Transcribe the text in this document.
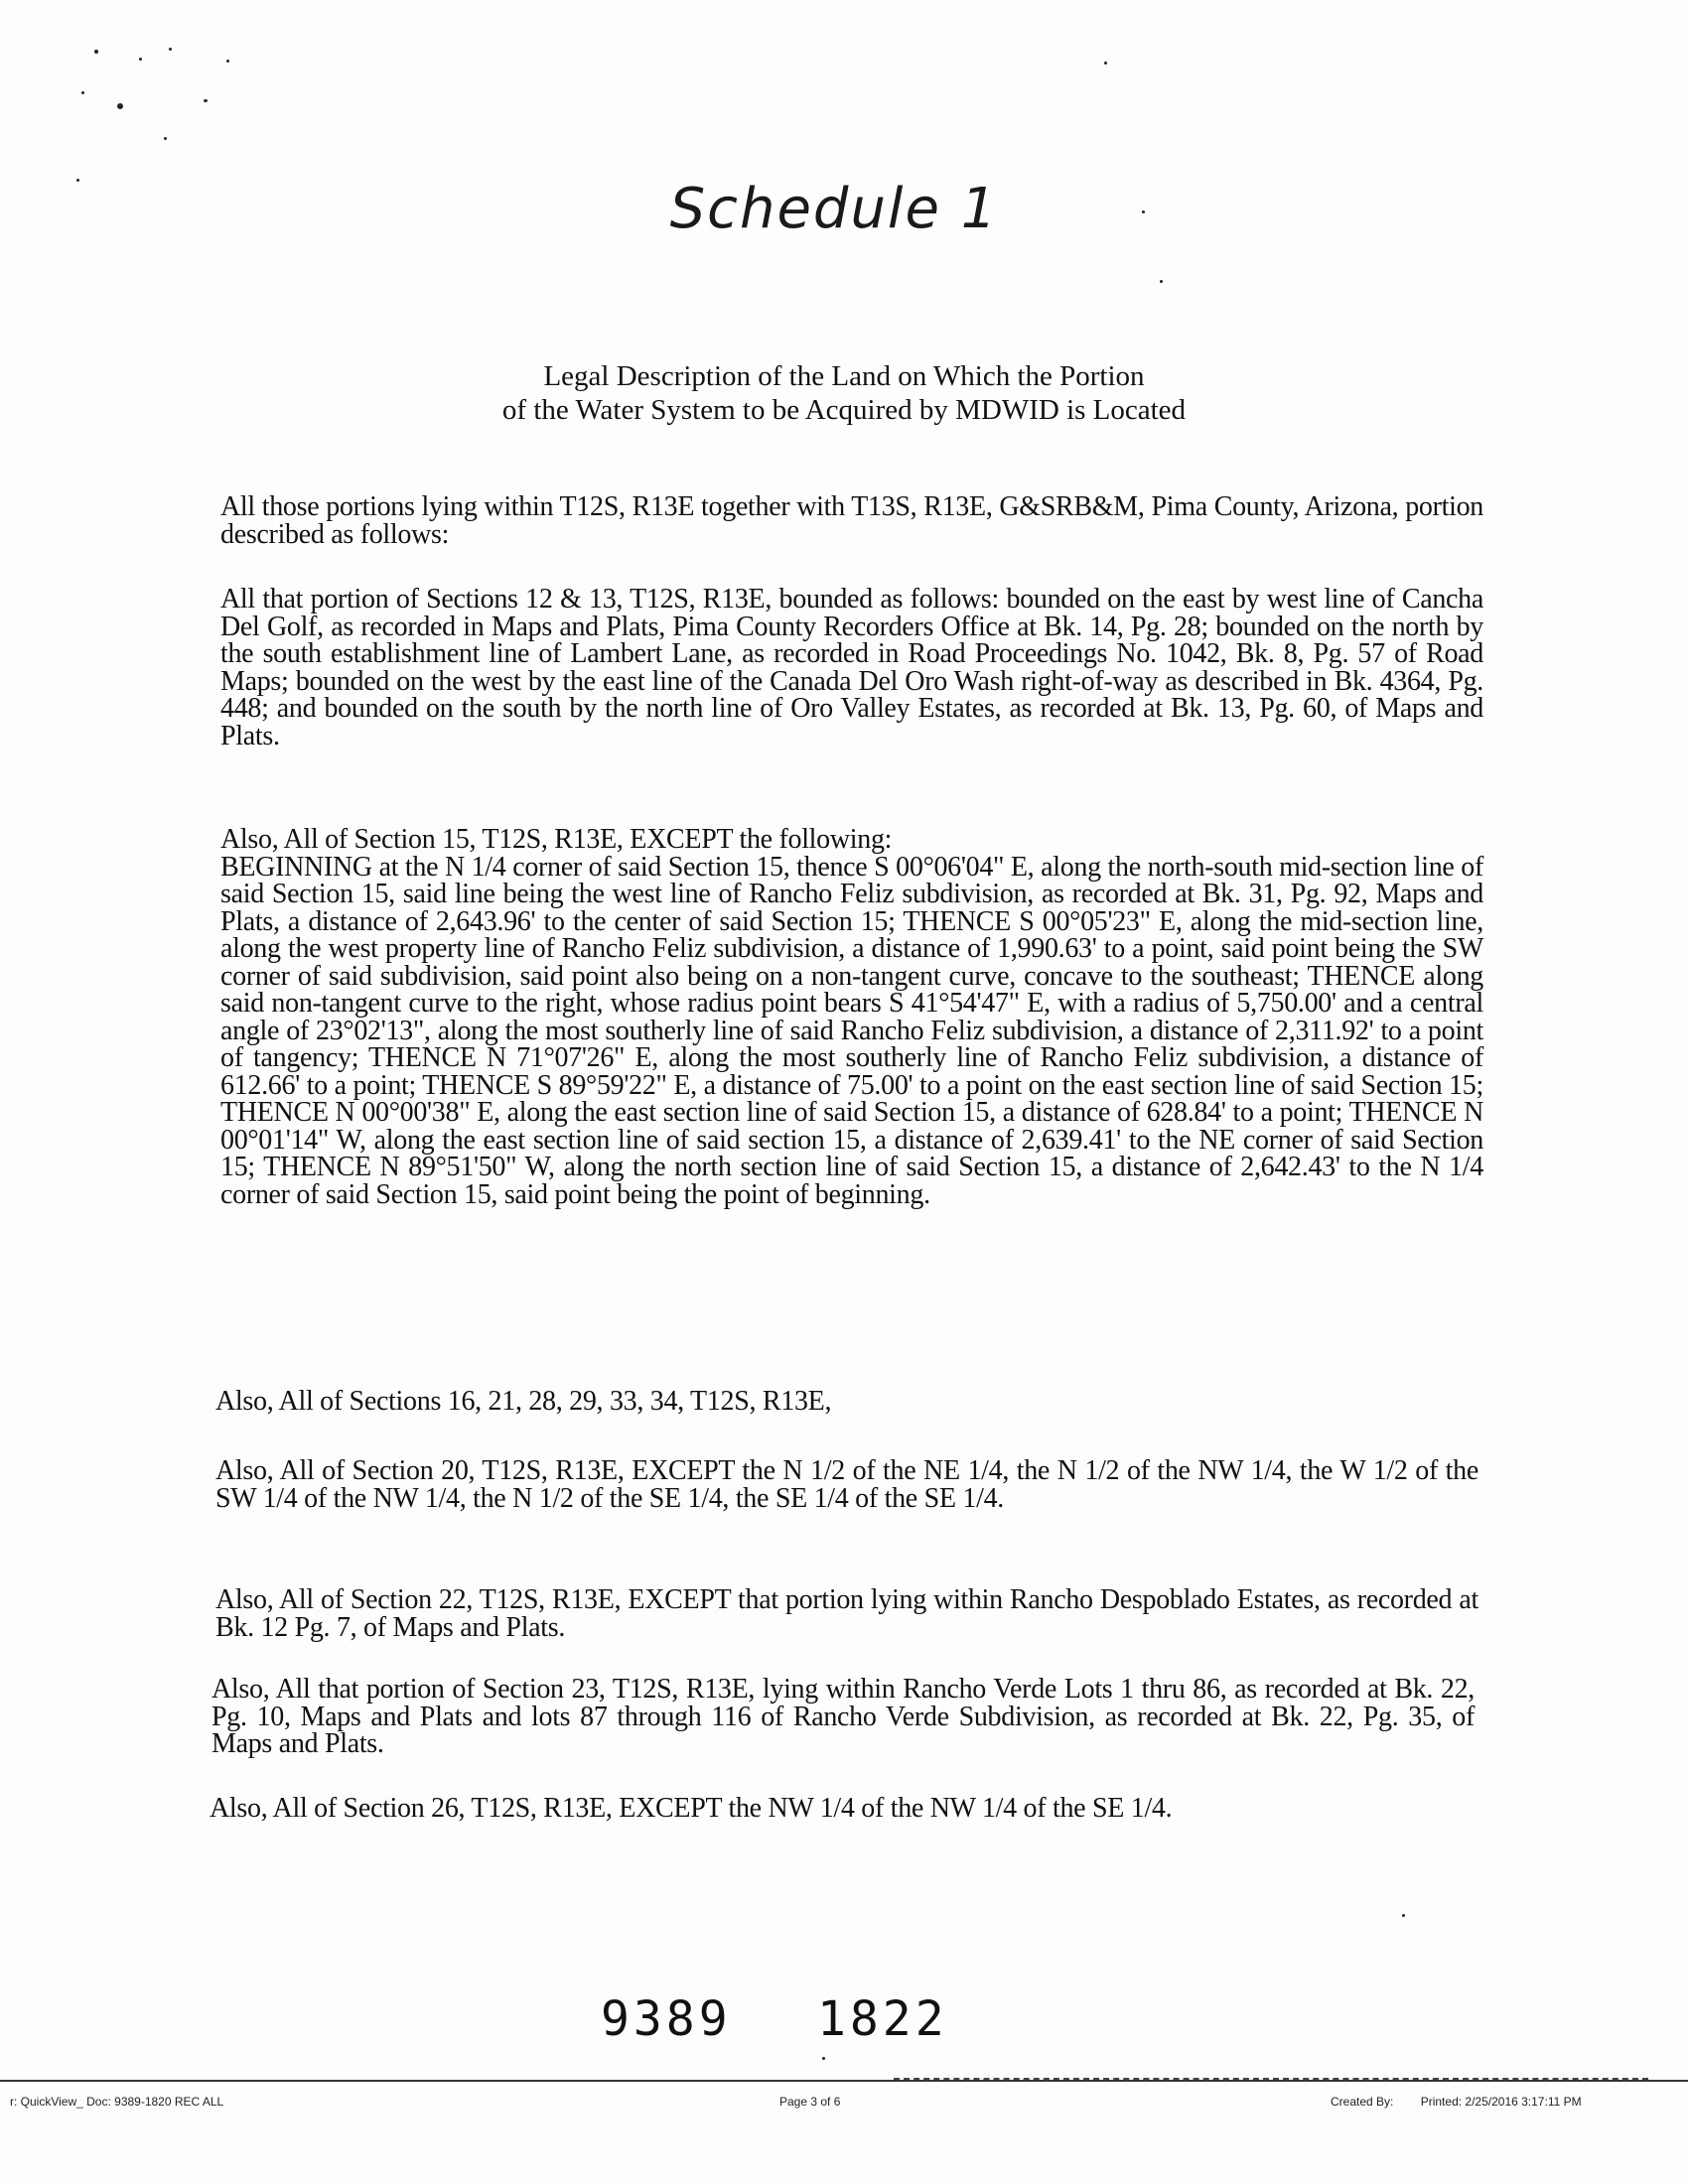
Schedule 1
Legal Description of the Land on Which the Portion
of the Water System to be Acquired by MDWID is Located
All those portions lying within T12S, R13E together with T13S, R13E, G&SRB&M, Pima County, Arizona, portion described as follows:
All that portion of Sections 12 & 13, T12S, R13E, bounded as follows: bounded on the east by west line of Cancha Del Golf, as recorded in Maps and Plats, Pima County Recorders Office at Bk. 14, Pg. 28; bounded on the north by the south establishment line of Lambert Lane, as recorded in Road Proceedings No. 1042, Bk. 8, Pg. 57 of Road Maps; bounded on the west by the east line of the Canada Del Oro Wash right-of-way as described in Bk. 4364, Pg. 448; and bounded on the south by the north line of Oro Valley Estates, as recorded at Bk. 13, Pg. 60, of Maps and Plats.
Also, All of Section 15, T12S, R13E, EXCEPT the following:
BEGINNING at the N 1/4 corner of said Section 15, thence S 00°06'04" E, along the north-south mid-section line of said Section 15, said line being the west line of Rancho Feliz subdivision, as recorded at Bk. 31, Pg. 92, Maps and Plats, a distance of 2,643.96' to the center of said Section 15; THENCE S 00°05'23" E, along the mid-section line, along the west property line of Rancho Feliz subdivision, a distance of 1,990.63' to a point, said point being the SW corner of said subdivision, said point also being on a non-tangent curve, concave to the southeast; THENCE along said non-tangent curve to the right, whose radius point bears S 41°54'47" E, with a radius of 5,750.00' and a central angle of 23°02'13", along the most southerly line of said Rancho Feliz subdivision, a distance of 2,311.92' to a point of tangency; THENCE N 71°07'26" E, along the most southerly line of Rancho Feliz subdivision, a distance of 612.66' to a point; THENCE S 89°59'22" E, a distance of 75.00' to a point on the east section line of said Section 15; THENCE N 00°00'38" E, along the east section line of said Section 15, a distance of 628.84' to a point; THENCE N 00°01'14" W, along the east section line of said section 15, a distance of 2,639.41' to the NE corner of said Section 15; THENCE N 89°51'50" W, along the north section line of said Section 15, a distance of 2,642.43' to the N 1/4 corner of said Section 15, said point being the point of beginning.
Also, All of Sections 16, 21, 28, 29, 33, 34, T12S, R13E,
Also, All of Section 20, T12S, R13E, EXCEPT the N 1/2 of the NE 1/4, the N 1/2 of the NW 1/4, the W 1/2 of the SW 1/4 of the NW 1/4, the N 1/2 of the SE 1/4, the SE 1/4 of the SE 1/4.
Also, All of Section 22, T12S, R13E, EXCEPT that portion lying within Rancho Despoblado Estates, as recorded at Bk. 12 Pg. 7, of Maps and Plats.
Also, All that portion of Section 23, T12S, R13E, lying within Rancho Verde Lots 1 thru 86, as recorded at Bk. 22, Pg. 10, Maps and Plats and lots 87 through 116 of Rancho Verde Subdivision, as recorded at Bk. 22, Pg. 35, of Maps and Plats.
Also, All of Section 26, T12S, R13E, EXCEPT the NW 1/4 of the NW 1/4 of the SE 1/4.
9389 1822
r: QuickView_ Doc: 9389-1820 REC ALL	Page 3 of 6	Created By: Printed: 2/25/2016 3:17:11 PM
